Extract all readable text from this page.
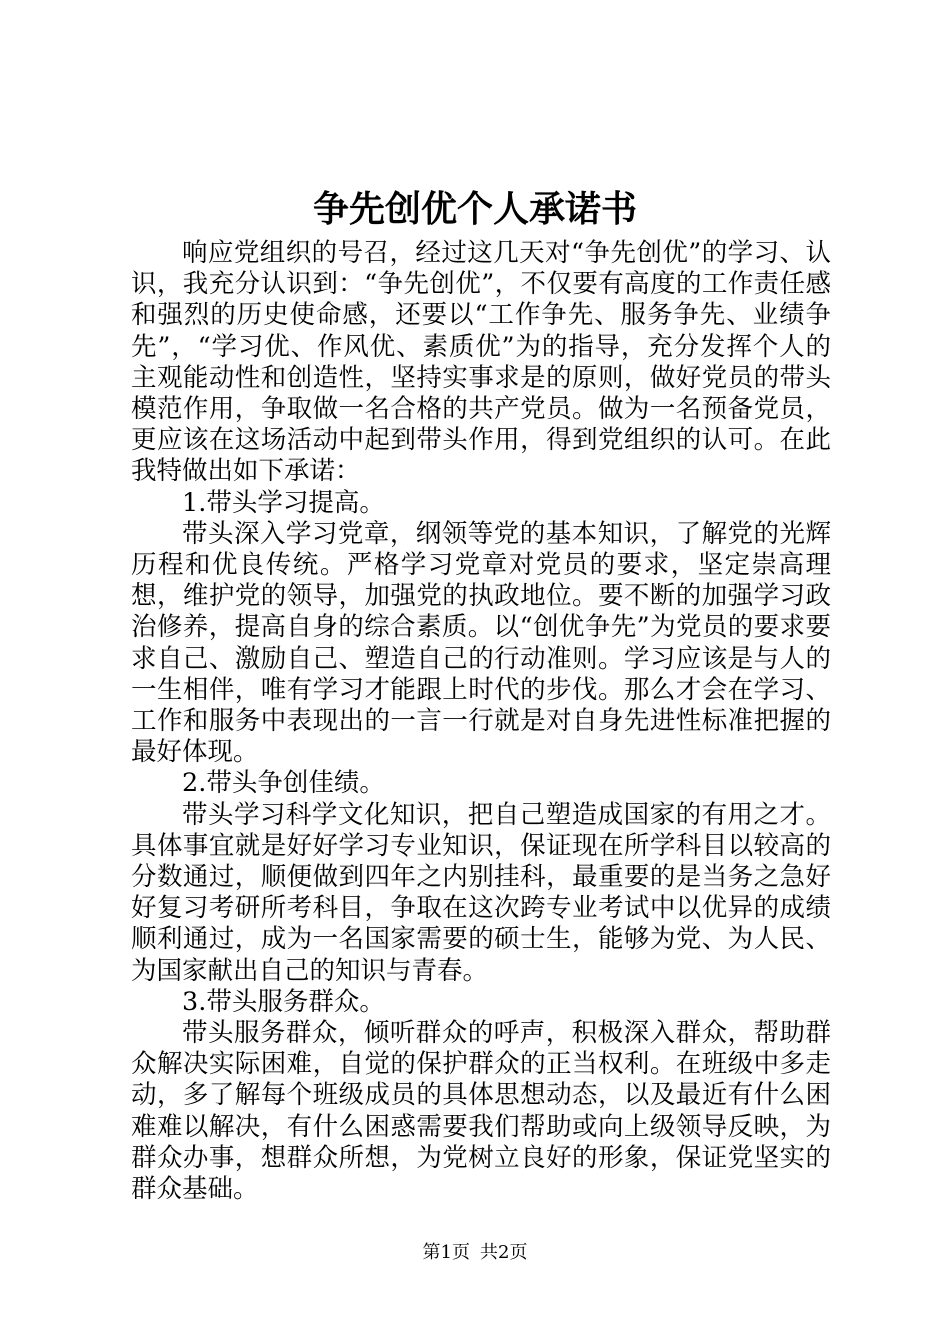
争先创优个人承诺书

响应党组织的号召，经过这几天对“争先创优”的学习、认识，我充分认识到：“争先创优”，不仅要有高度的工作责任感和强烈的历史使命感，还要以“工作争先、服务争先、业绩争先”，“学习优、作风优、素质优”为的指导，充分发挥个人的主观能动性和创造性，坚持实事求是的原则，做好党员的带头模范作用，争取做一名合格的共产党员。做为一名预备党员，更应该在这场活动中起到带头作用，得到党组织的认可。在此我特做出如下承诺：

1.带头学习提高。

带头深入学习党章，纲领等党的基本知识，了解党的光辉历程和优良传统。严格学习党章对党员的要求，坚定崇高理想，维护党的领导，加强党的执政地位。要不断的加强学习政治修养，提高自身的综合素质。以“创优争先”为党员的要求要求自己、激励自己、塑造自己的行动准则。学习应该是与人的一生相伴，唯有学习才能跟上时代的步伐。那么才会在学习、工作和服务中表现出的一言一行就是对自身先进性标准把握的最好体现。

2.带头争创佳绩。

带头学习科学文化知识，把自己塑造成国家的有用之才。具体事宜就是好好学习专业知识，保证现在所学科目以较高的分数通过，顺便做到四年之内别挂科，最重要的是当务之急好好复习考研所考科目，争取在这次跨专业考试中以优异的成绩顺利通过，成为一名国家需要的硕士生，能够为党、为人民、为国家献出自己的知识与青春。

3.带头服务群众。

带头服务群众，倾听群众的呼声，积极深入群众，帮助群众解决实际困难，自觉的保护群众的正当权利。在班级中多走动，多了解每个班级成员的具体思想动态，以及最近有什么困难难以解决，有什么困惑需要我们帮助或向上级领导反映，为群众办事，想群众所想，为党树立良好的形象，保证党坚实的群众基础。

第1页 共2页
